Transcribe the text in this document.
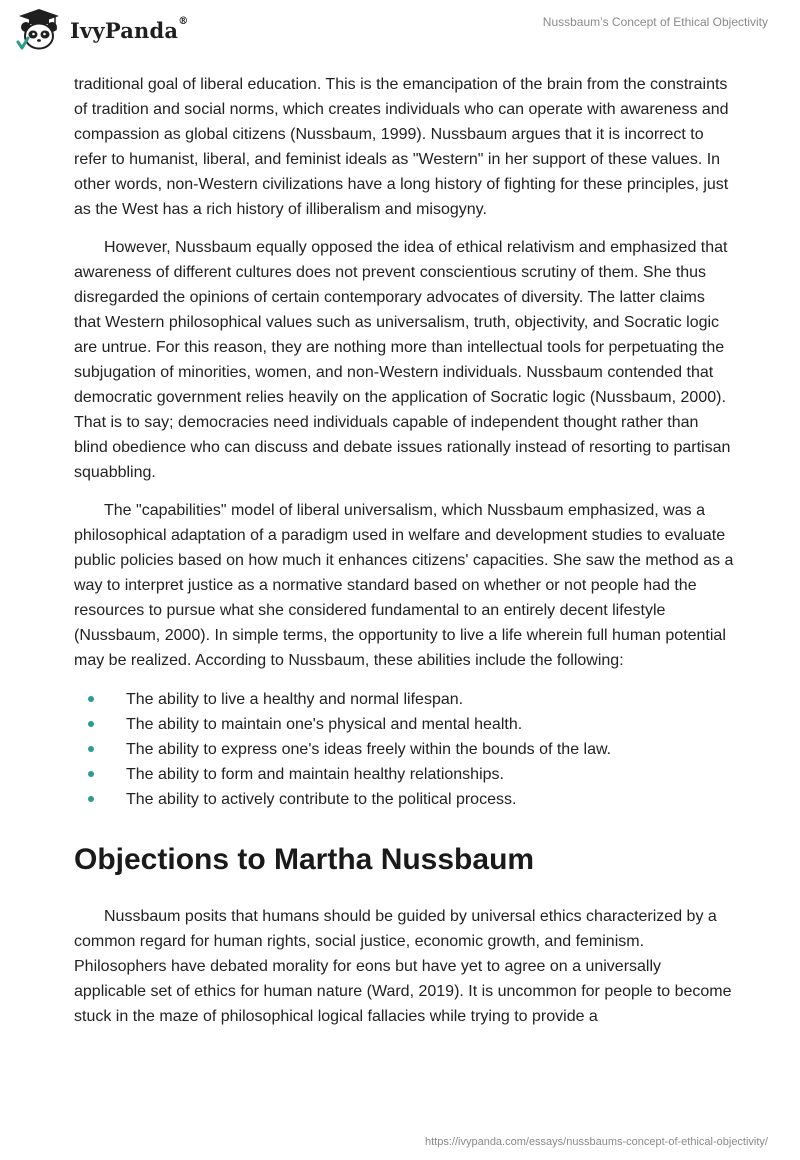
IvyPanda®	Nussbaum’s Concept of Ethical Objectivity

traditional goal of liberal education. This is the emancipation of the brain from the constraints of tradition and social norms, which creates individuals who can operate with awareness and compassion as global citizens (Nussbaum, 1999). Nussbaum argues that it is incorrect to refer to humanist, liberal, and feminist ideals as "Western" in her support of these values. In other words, non-Western civilizations have a long history of fighting for these principles, just as the West has a rich history of illiberalism and misogyny.

However, Nussbaum equally opposed the idea of ethical relativism and emphasized that awareness of different cultures does not prevent conscientious scrutiny of them. She thus disregarded the opinions of certain contemporary advocates of diversity. The latter claims that Western philosophical values such as universalism, truth, objectivity, and Socratic logic are untrue. For this reason, they are nothing more than intellectual tools for perpetuating the subjugation of minorities, women, and non-Western individuals. Nussbaum contended that democratic government relies heavily on the application of Socratic logic (Nussbaum, 2000). That is to say; democracies need individuals capable of independent thought rather than blind obedience who can discuss and debate issues rationally instead of resorting to partisan squabbling.

The "capabilities" model of liberal universalism, which Nussbaum emphasized, was a philosophical adaptation of a paradigm used in welfare and development studies to evaluate public policies based on how much it enhances citizens' capacities. She saw the method as a way to interpret justice as a normative standard based on whether or not people had the resources to pursue what she considered fundamental to an entirely decent lifestyle (Nussbaum, 2000). In simple terms, the opportunity to live a life wherein full human potential may be realized. According to Nussbaum, these abilities include the following:

The ability to live a healthy and normal lifespan.
The ability to maintain one's physical and mental health.
The ability to express one's ideas freely within the bounds of the law.
The ability to form and maintain healthy relationships.
The ability to actively contribute to the political process.
Objections to Martha Nussbaum

Nussbaum posits that humans should be guided by universal ethics characterized by a common regard for human rights, social justice, economic growth, and feminism. Philosophers have debated morality for eons but have yet to agree on a universally applicable set of ethics for human nature (Ward, 2019). It is uncommon for people to become stuck in the maze of philosophical logical fallacies while trying to provide a

https://ivypanda.com/essays/nussbaums-concept-of-ethical-objectivity/
